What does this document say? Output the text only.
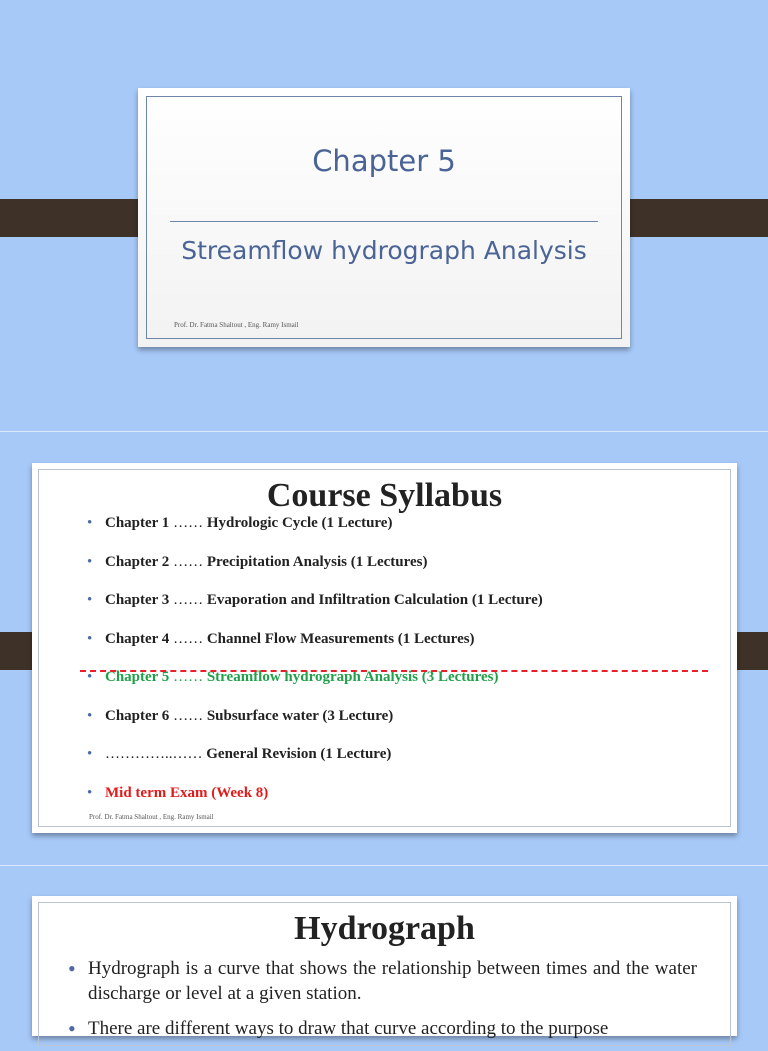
Chapter 5
Streamflow hydrograph Analysis
Prof. Dr. Fatma Shaltout , Eng. Ramy Ismail
Course Syllabus
• Chapter 1 …… Hydrologic Cycle (1 Lecture)
• Chapter 2 …… Precipitation Analysis (1 Lectures)
• Chapter 3 …… Evaporation and Infiltration Calculation (1 Lecture)
• Chapter 4 …… Channel Flow Measurements (1 Lectures)
• Chapter 5 …… Streamflow hydrograph Analysis (3 Lectures)
• Chapter 6 …… Subsurface water (3 Lecture)
• …………..…… General Revision (1 Lecture)
• Mid term Exam (Week 8)
Prof. Dr. Fatma Shaltout , Eng. Ramy Ismail
Hydrograph
• Hydrograph is a curve that shows the relationship between times and the water discharge or level at a given station.
• There are different ways to draw that curve according to the purpose
